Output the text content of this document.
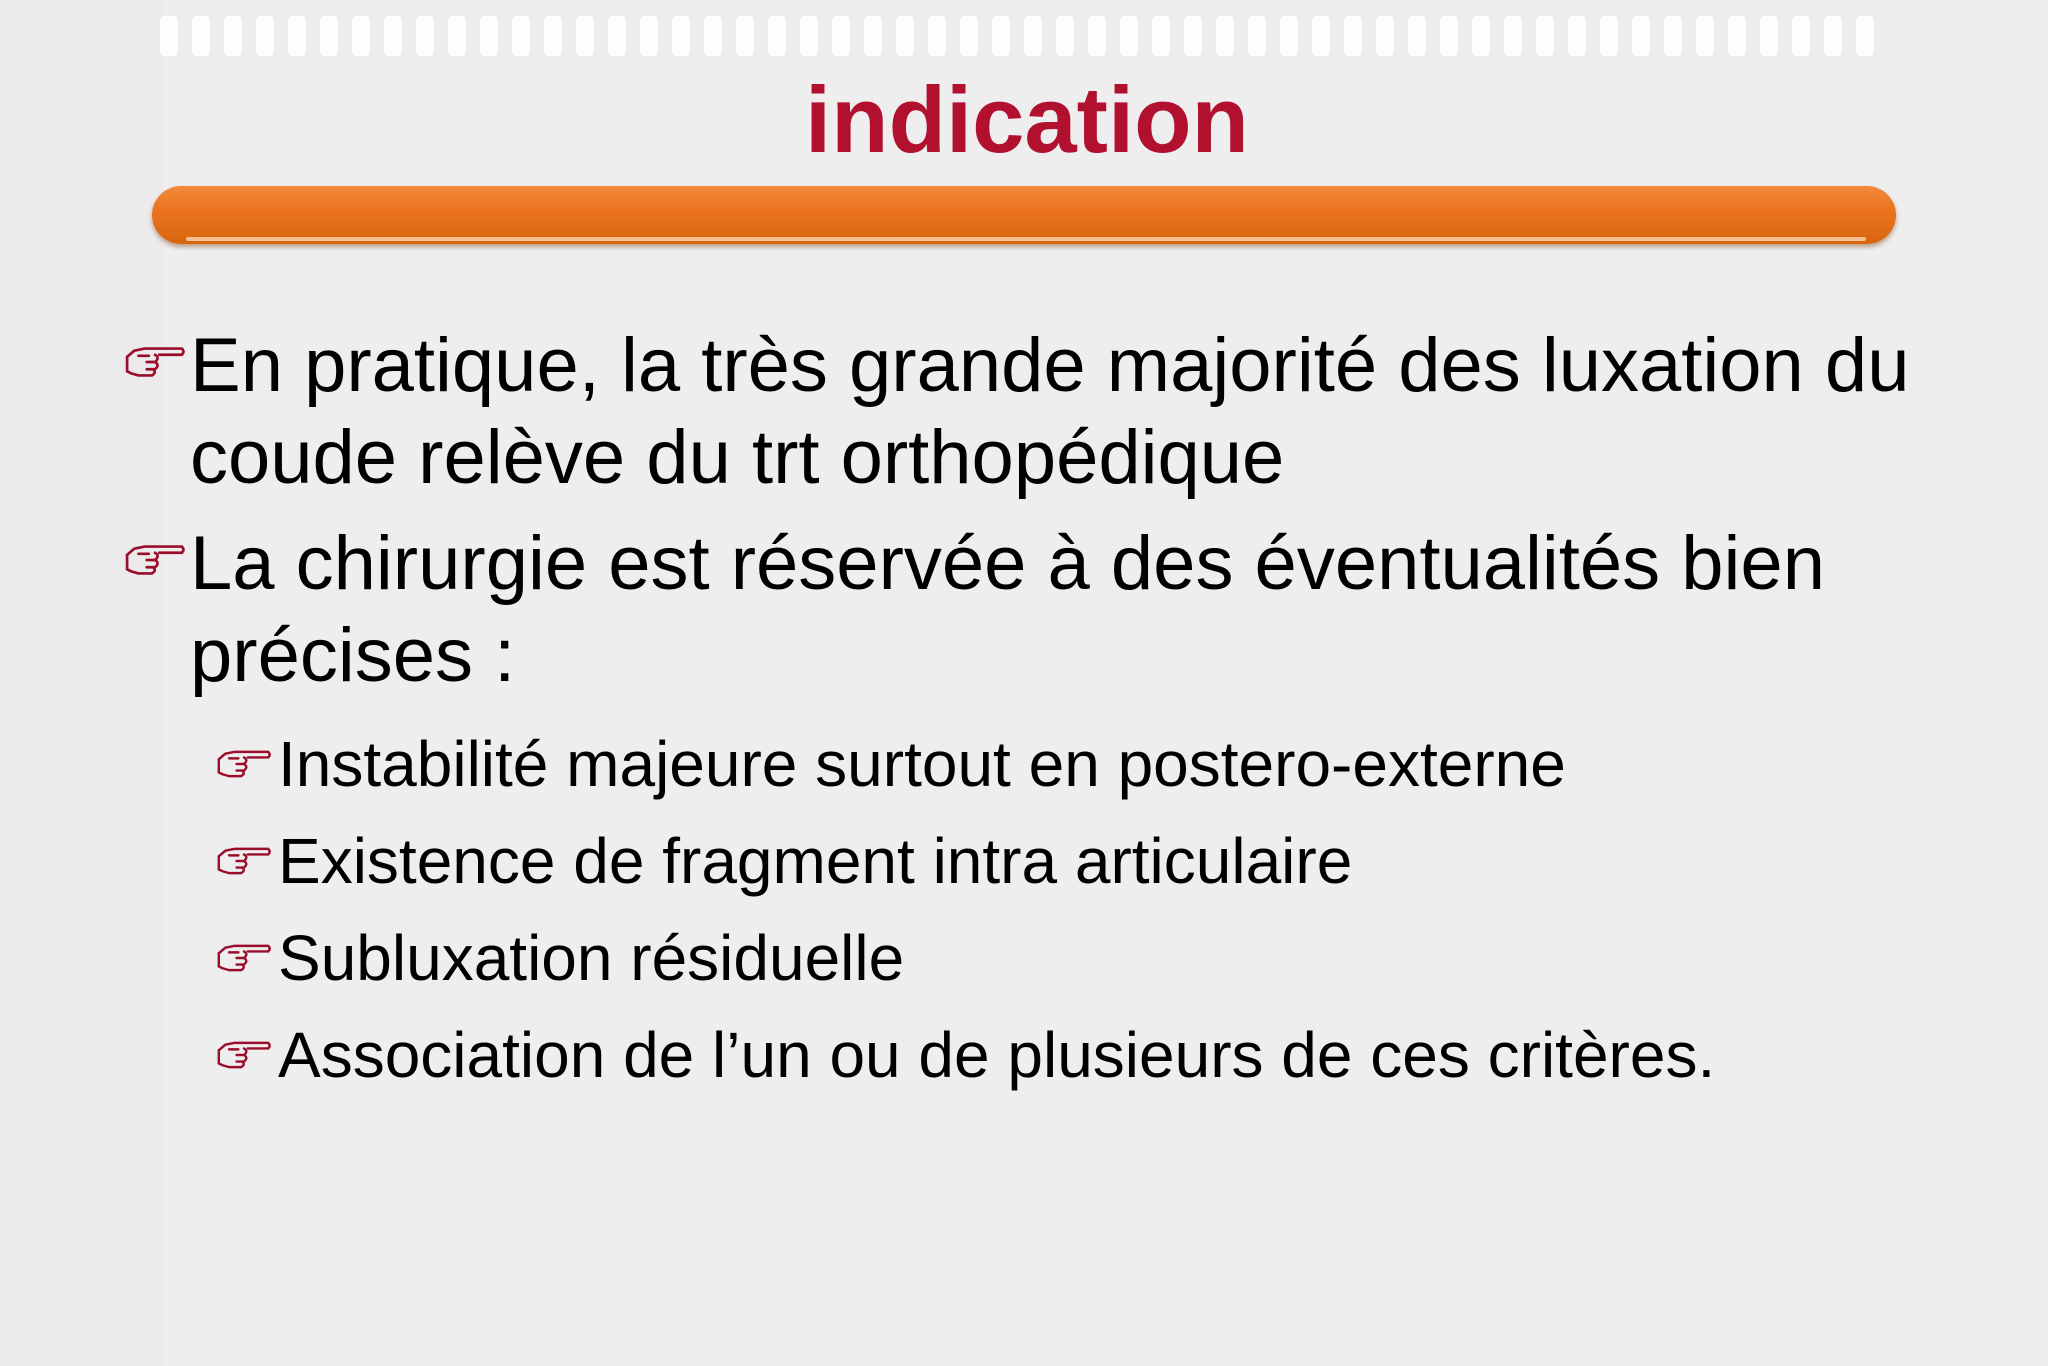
indication
En pratique, la très grande majorité des luxation du coude relève du trt orthopédique
La chirurgie est réservée à des éventualités bien précises :
Instabilité majeure surtout en postero-externe
Existence de fragment intra articulaire
Subluxation résiduelle
Association de l’un ou de plusieurs de ces critères.
